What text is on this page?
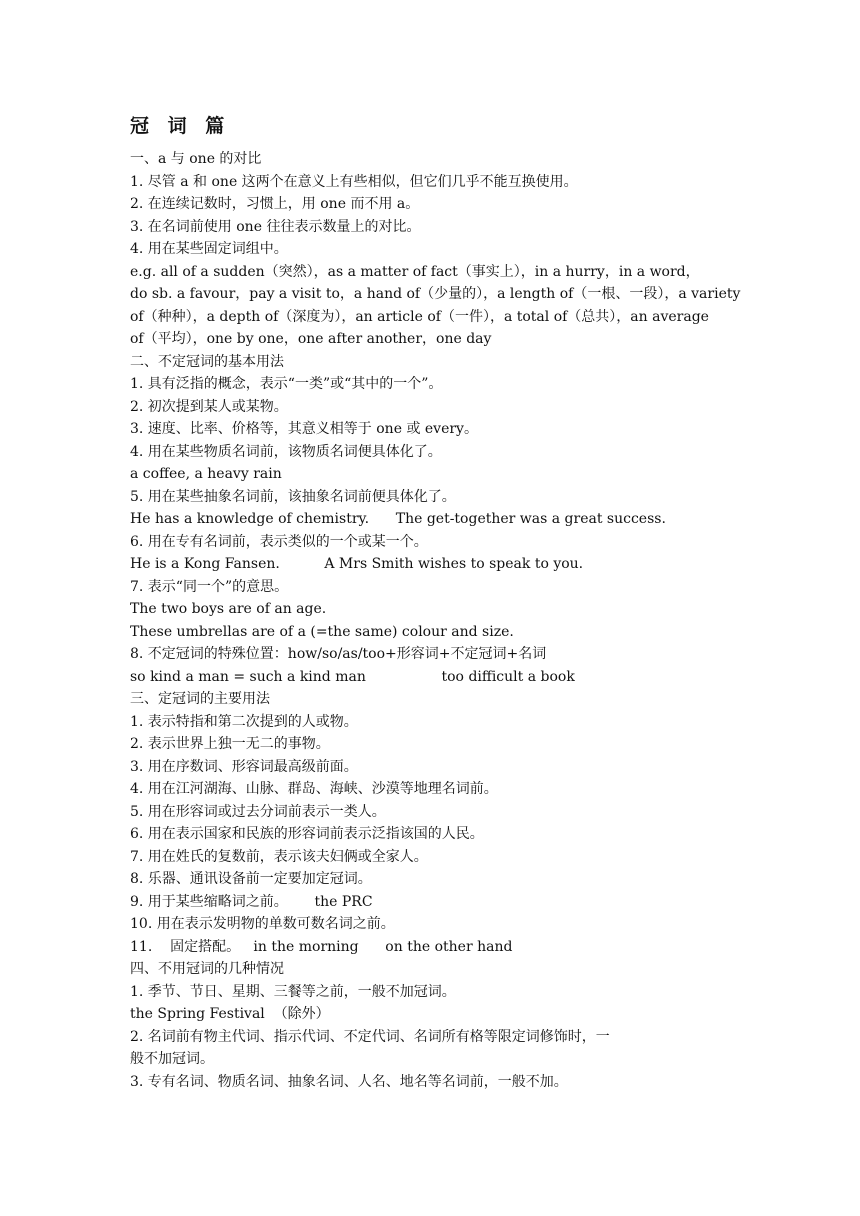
冠 词 篇
一、a 与 one 的对比
1. 尽管 a 和 one 这两个在意义上有些相似，但它们几乎不能互换使用。
2. 在连续记数时，习惯上，用 one 而不用 a。
3. 在名词前使用 one 往往表示数量上的对比。
4. 用在某些固定词组中。
e.g. all of a sudden（突然），as a matter of fact（事实上），in a hurry，in a word，
do sb. a favour，pay a visit to，a hand of（少量的），a length of（一根、一段），a variety
of（种种），a depth of（深度为），an article of（一件），a total of（总共），an average
of（平均），one by one，one after another，one day
二、不定冠词的基本用法
1. 具有泛指的概念，表示“一类”或“其中的一个”。
2. 初次提到某人或某物。
3. 速度、比率、价格等，其意义相等于 one 或 every。
4. 用在某些物质名词前，该物质名词便具体化了。
a coffee, a heavy rain
5. 用在某些抽象名词前，该抽象名词前便具体化了。
He has a knowledge of chemistry.      The get-together was a great success.
6. 用在专有名词前，表示类似的一个或某一个。
He is a Kong Fansen.          A Mrs Smith wishes to speak to you.
7. 表示“同一个”的意思。
The two boys are of an age.
These umbrellas are of a (=the same) colour and size.
8. 不定冠词的特殊位置：how/so/as/too+形容词+不定冠词+名词
so kind a man = such a kind man                 too difficult a book
三、定冠词的主要用法
1. 表示特指和第二次提到的人或物。
2. 表示世界上独一无二的事物。
3. 用在序数词、形容词最高级前面。
4. 用在江河湖海、山脉、群岛、海峡、沙漠等地理名词前。
5. 用在形容词或过去分词前表示一类人。
6. 用在表示国家和民族的形容词前表示泛指该国的人民。
7. 用在姓氏的复数前，表示该夫妇俩或全家人。
8. 乐器、通讯设备前一定要加定冠词。
9. 用于某些缩略词之前。      the PRC
10. 用在表示发明物的单数可数名词之前。
11.    固定搭配。   in the morning      on the other hand
四、不用冠词的几种情况
1. 季节、节日、星期、三餐等之前，一般不加冠词。
the Spring Festival  （除外）
2. 名词前有物主代词、指示代词、不定代词、名词所有格等限定词修饰时，一
般不加冠词。
3. 专有名词、物质名词、抽象名词、人名、地名等名词前，一般不加。
